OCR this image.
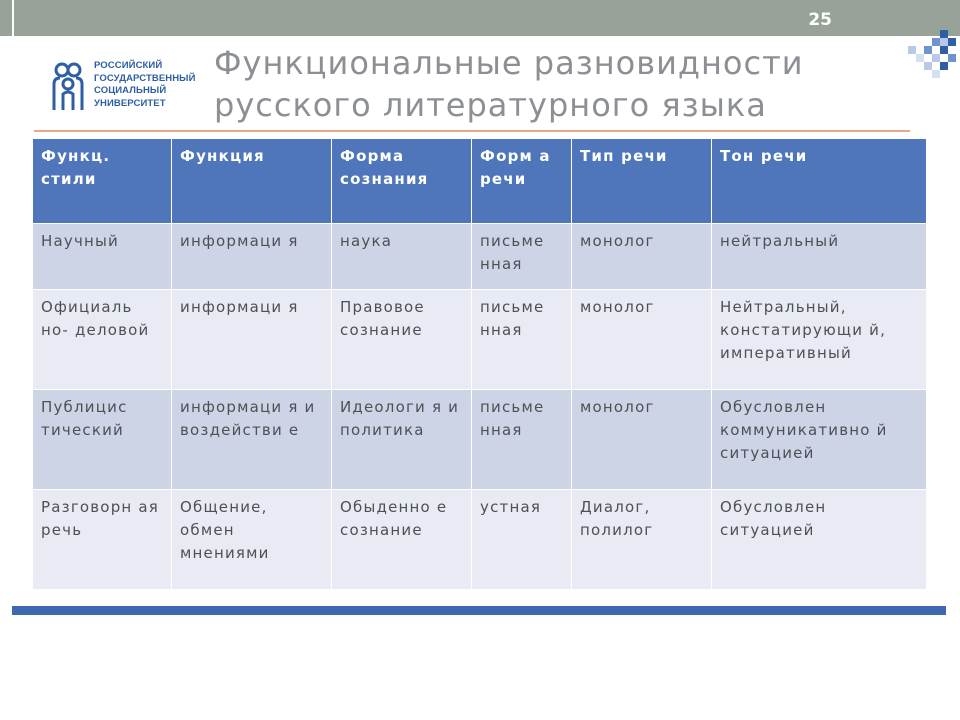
25
РОССИЙСКИЙ
ГОСУДАРСТВЕННЫЙ
СОЦИАЛЬНЫЙ
УНИВЕРСИТЕТ
Функциональные разновидности русского литературного языка
Функц. стили	Функция	Форма сознания	Форм а речи	Тип речи	Тон речи
Научный	информаци я	наука	письме нная	монолог	нейтральный
Официаль но- деловой	информаци я	Правовое сознание	письме нная	монолог	Нейтральный, констатирующи й, императивный
Публицис тический	информаци я и воздействи е	Идеологи я и политика	письме нная	монолог	Обусловлен коммуникативно й ситуацией
Разговорн ая речь	Общение, обмен мнениями	Обыденно е сознание	устная	Диалог, полилог	Обусловлен ситуацией
